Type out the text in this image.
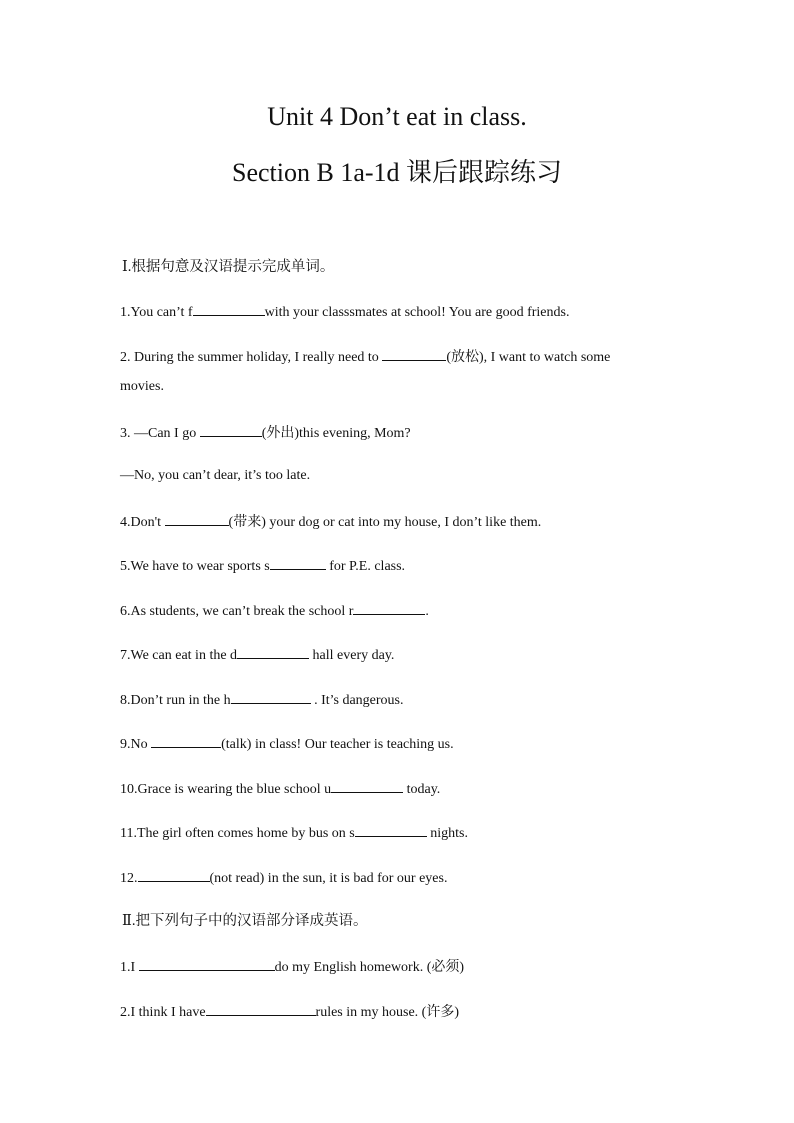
Unit 4 Don’t eat in class.
Section B 1a-1d 课后跟踪练习
Ⅰ.根据句意及汉语提示完成单词。
1.You can’t f	with your classsmates at school! You are good friends.
2. During the summer holiday, I really need to	(放松), I want to watch some
movies.
3. —Can I go	(外出)this evening, Mom?
—No, you can’t dear, it’s too late.
4.Don't	(带来) your dog or cat into my house, I don’t like them.
5.We have to wear sports s	for P.E. class.
6.As students, we can’t break the school r	.
7.We can eat in the d	hall every day.
8.Don’t run in the h	. It’s dangerous.
9.No	(talk) in class! Our teacher is teaching us.
10.Grace is wearing the blue school u	today.
11.The girl often comes home by bus on s	nights.
12.	(not read) in the sun, it is bad for our eyes.
Ⅱ.把下列句子中的汉语部分译成英语。
1.I	do my English homework. (必须)
2.I think I have	rules in my house. (许多)
